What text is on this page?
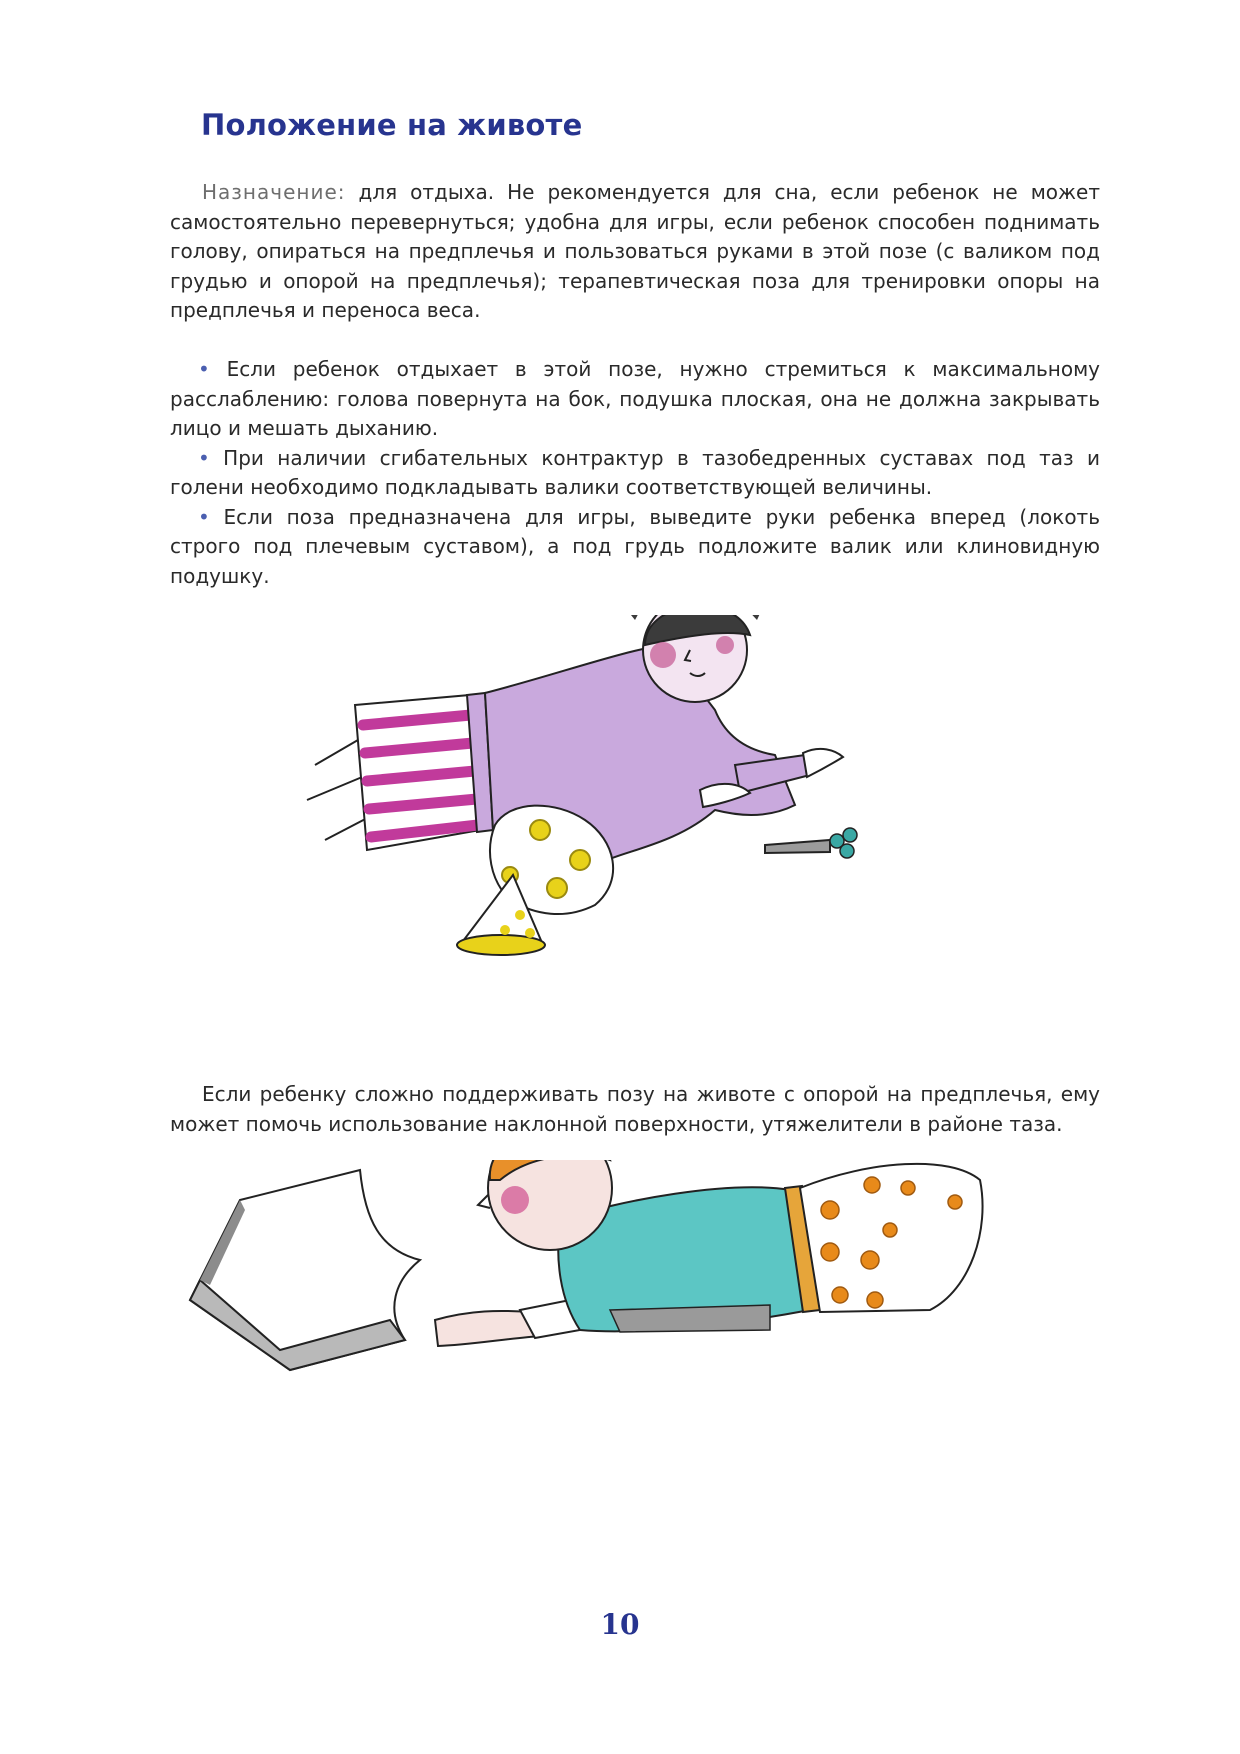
Положение на животе

Назначение: для отдыха. Не рекомендуется для сна, если ребенок не может самостоятельно перевернуться; удобна для игры, если ребенок способен поднимать голову, опираться на предплечья и пользоваться руками в этой позе (с валиком под грудью и опорой на предплечья); терапевтическая поза для тренировки опоры на предплечья и переноса веса.

• Если ребенок отдыхает в этой позе, нужно стремиться к максимальному расслаблению: голова повернута на бок, подушка плоская, она не должна закрывать лицо и мешать дыханию.

• При наличии сгибательных контрактур в тазобедренных суставах под таз и голени необходимо подкладывать валики соответствующей величины.

• Если поза предназначена для игры, выведите руки ребенка вперед (локоть строго под плечевым суставом), а под грудь подложите валик или клиновидную подушку.

Если ребенку сложно поддерживать позу на животе с опорой на предплечья, ему может помочь использование наклонной поверхности, утяжелители в районе таза.

10
